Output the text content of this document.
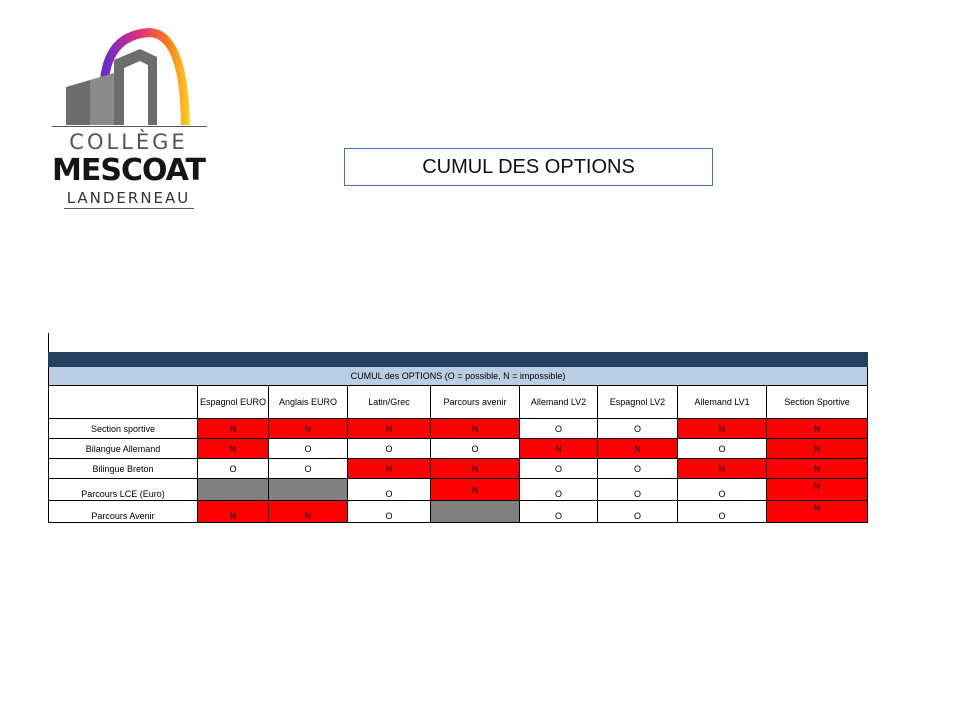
COLLÈGE
MESCOAT
LANDERNEAU
CUMUL DES OPTIONS

CUMUL des OPTIONS (O = possible, N = impossible)								
	Espagnol EURO	Anglais EURO	Latin/Grec	Parcours avenir	Allemand LV2	Espagnol LV2	Allemand LV1	Section Sportive
Section sportive	N	N	N	N	O	O	N	N
Bilangue Allemand	N	O	O	O	N	N	O	N
Bilingue Breton	O	O	N	N	O	O	N	N
Parcours LCE (Euro)			O	N	O	O	O	N
Parcours Avenir	N	N	O		O	O	O	N
